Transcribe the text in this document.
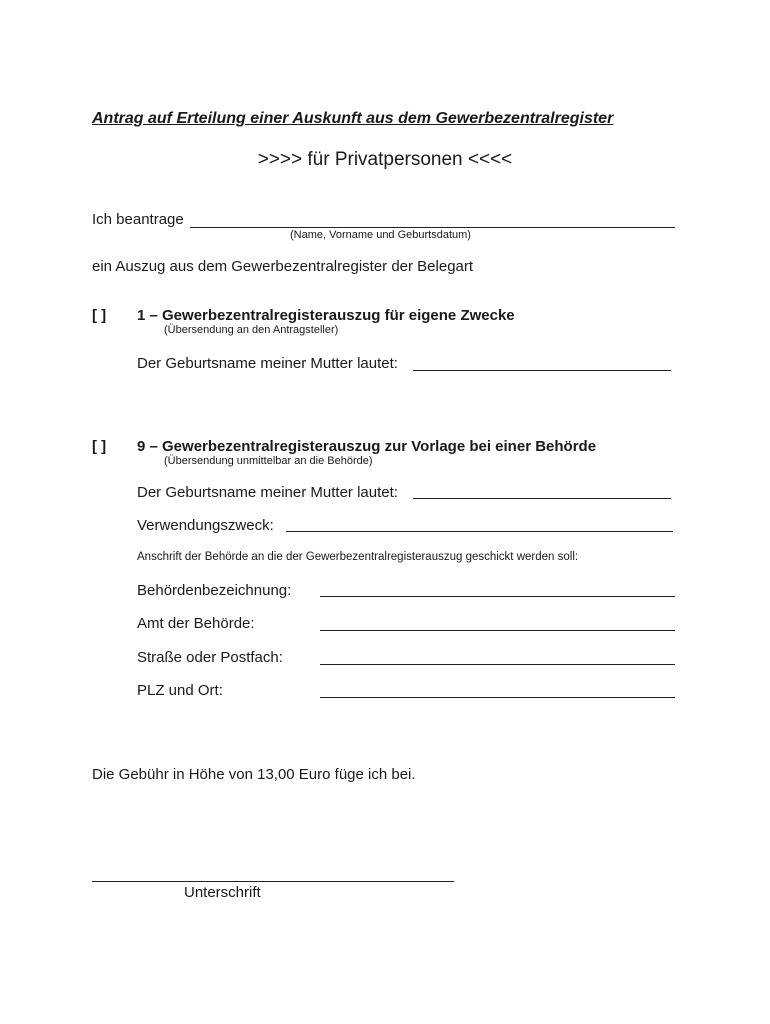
Antrag auf Erteilung einer Auskunft aus dem Gewerbezentralregister
>>>> für Privatpersonen <<<<
Ich beantrage
(Name, Vorname und Geburtsdatum)
ein Auszug aus dem Gewerbezentralregister der Belegart
[ ] 1 – Gewerbezentralregisterauszug für eigene Zwecke
(Übersendung an den Antragsteller)
Der Geburtsname meiner Mutter lautet:
[ ] 9 – Gewerbezentralregisterauszug zur Vorlage bei einer Behörde
(Übersendung unmittelbar an die Behörde)
Der Geburtsname meiner Mutter lautet:
Verwendungszweck:
Anschrift der Behörde an die der Gewerbezentralregisterauszug geschickt werden soll:
Behördenbezeichnung:
Amt der Behörde:
Straße oder Postfach:
PLZ und Ort:
Die Gebühr in Höhe von 13,00 Euro füge ich bei.
Unterschrift
